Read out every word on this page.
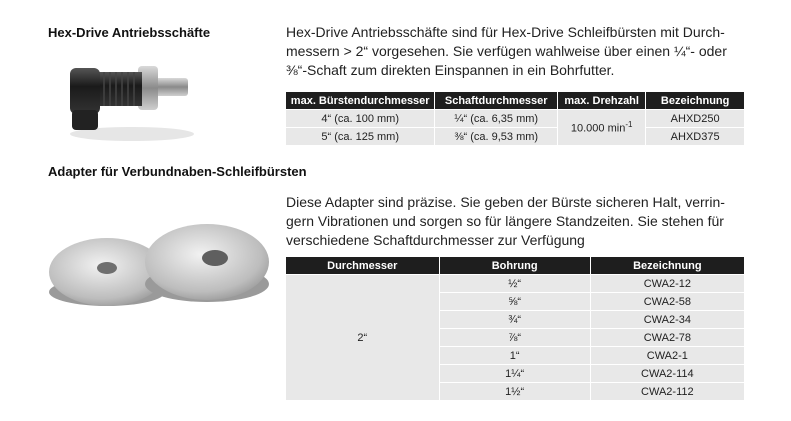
Hex-Drive Antriebsschäfte	Hex-Drive Antriebsschäfte sind für Hex-Drive Schleifbürsten mit Durch-
messern > 2“ vorgesehen. Sie verfügen wahlweise über einen ¼“- oder
⅜“-Schaft zum direkten Einspannen in ein Bohrfutter.
max. Bürstendurchmesser	Schaftdurchmesser	max. Drehzahl	Bezeichnung
4“ (ca. 100 mm)	¼“ (ca. 6,35 mm)	10.000 $\min^{-1}$	AHXD250
5“ (ca. 125 mm)	⅜“ (ca. 9,53 mm)		AHXD375
Adapter für Verbundnaben-Schleifbürsten
Diese Adapter sind präzise. Sie geben der Bürste sicheren Halt, verrin-
gern Vibrationen und sorgen so für längere Standzeiten. Sie stehen für
verschiedene Schaftdurchmesser zur Verfügung
Durchmesser	Bohrung	Bezeichnung
2“	½“	CWA2-12
	⅝“	CWA2-58
	¾“	CWA2-34
	⅞“	CWA2-78
	1“	CWA2-1
	1¼“	CWA2-114
	1½“	CWA2-112
